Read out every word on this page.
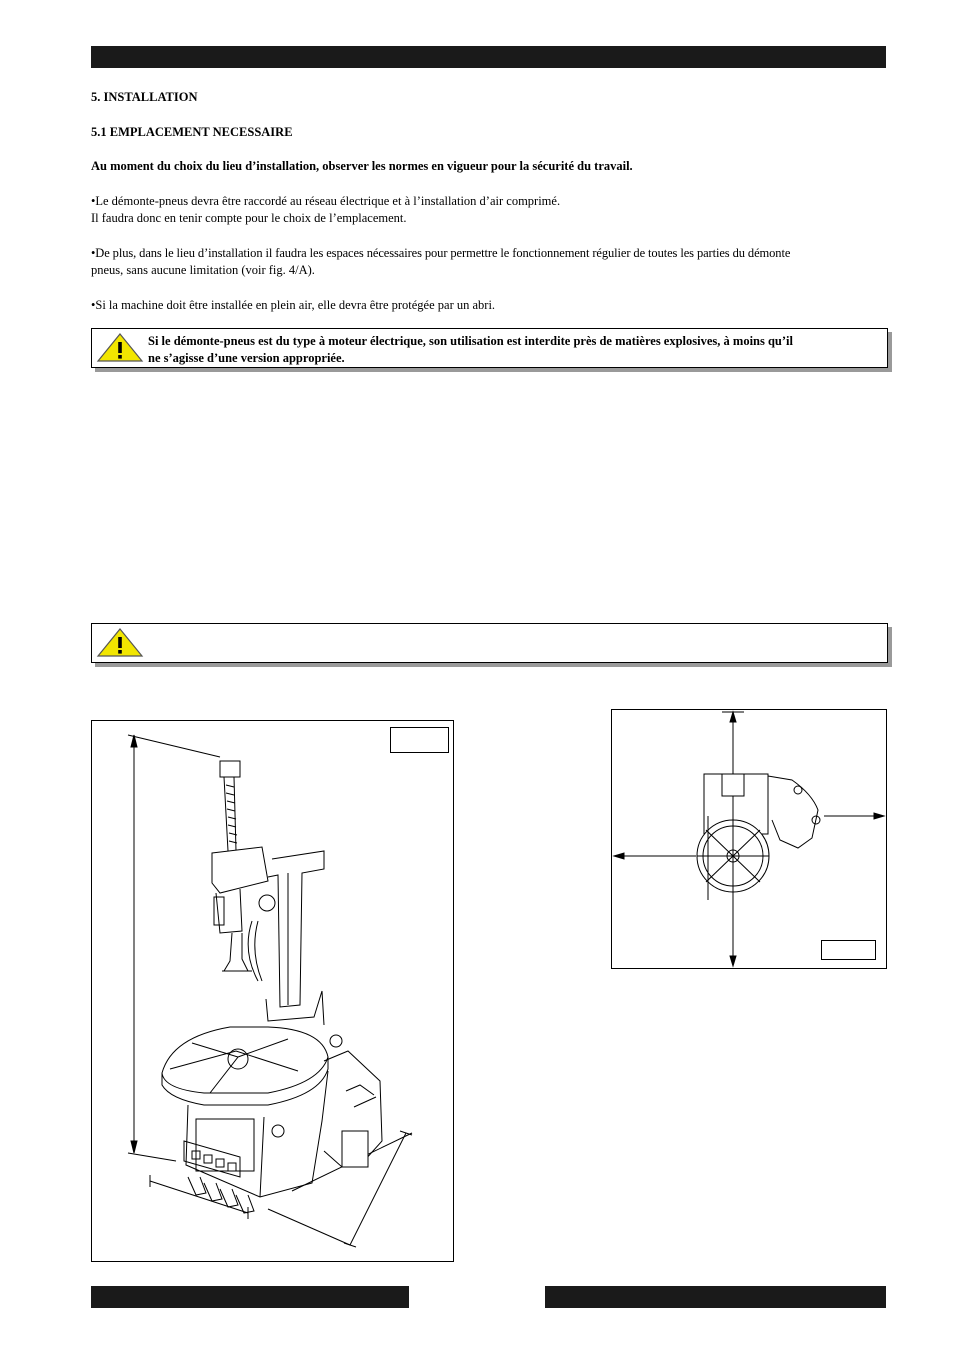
5. INSTALLATION
5.1 EMPLACEMENT NECESSAIRE
Au moment du choix du lieu d’installation, observer les normes en vigueur pour la sécurité du travail.
•Le démonte-pneus devra être raccordé au réseau électrique et à l’installation d’air comprimé.
Il faudra donc en tenir compte pour le choix de l’emplacement.
•De plus, dans le lieu d’installation il faudra les espaces nécessaires pour permettre le fonctionnement régulier de toutes les parties du démonte
pneus, sans aucune limitation (voir fig. 4/A).
•Si la machine doit être installée en plein air, elle devra être protégée par un abri.
Si le démonte-pneus est du type à moteur électrique, son utilisation est interdite près de matières explosives, à moins qu’il
ne s’agisse d’une version appropriée.
